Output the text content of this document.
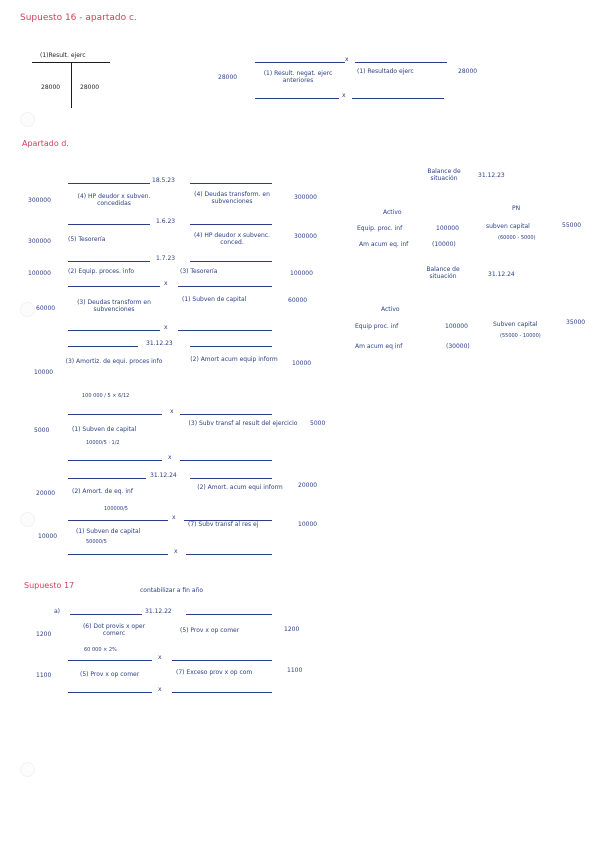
Supuesto 16 - apartado c.
(1)Result. ejerc
28000	28000
x
28000
(1) Result. negat. ejerc anteriores
(1) Resultado ejerc	28000
x
Apartado d.
18.5.23
300000
(4) HP deudor x subven. concedidas
(4) Deudas transform. en subvenciones
300000
1.6.23
300000	(5) Tesorería
(4) HP deudor x subvenc. conced.
300000
1.7.23
100000	(2) Equip. proces. info	(3) Tesorería	100000
x
60000
(3) Deudas transform en subvenciones
(1) Subven de capital	60000
x
31.12.23
(3) Amortiz. de equi. proces info
10000
(2) Amort acum equip inform
10000
100 000 / 5 × 6/12
x
5000	(1) Subven de capital
10000/5 · 1/2
(3) Subv transf al result del ejercicio 5000
x
31.12.24
20000	(2) Amort. de eq. inf
100000/5
(2) Amort. acum equi inform	20000
x
10000
(1) Subven de capital
50000/5
(7) Subv transf al res ej	10000
x
Balance de situación	31.12.23
Activo
PN
Equip. proc. inf	100000	subven capital	55000
(60000 - 5000)
Am acum eq. inf	(10000)
Balance de situación	31.12.24
Activo
Equip proc. inf	100000	Subven capital	35000
(55000 - 10000)
Am acum eq inf	(30000)
Supuesto 17
contabilizar a fin año
a)	31.12.22
1200
(6) Dot provis x oper comerc
60 000 × 2%
(5) Prov x op comer	1200
x
1100	(5) Prov x op comer	(7) Exceso prov x op com	1100
x
